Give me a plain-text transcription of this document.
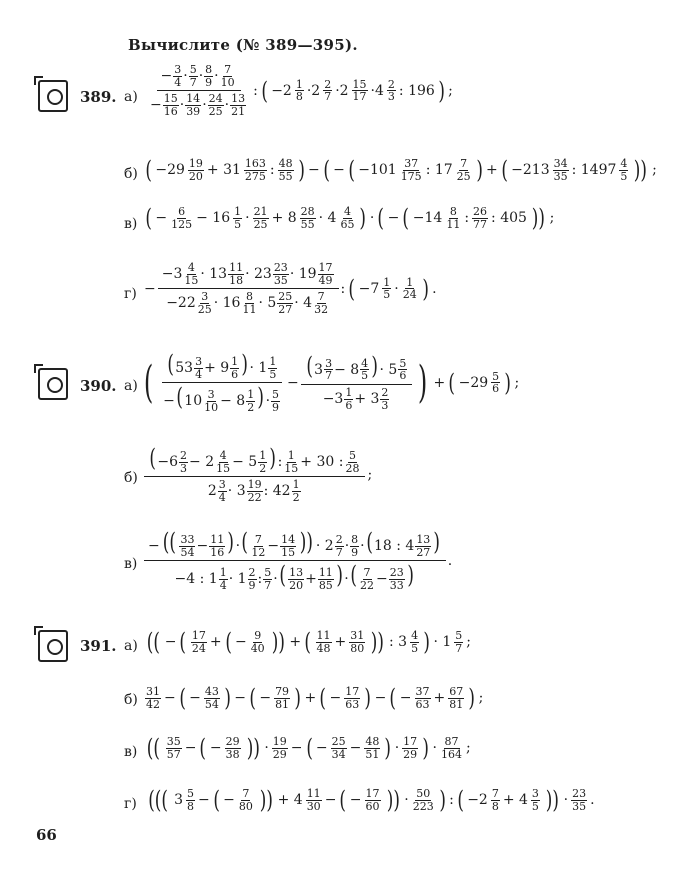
Вычислите (№ 389—395).
389. а)
− $\frac{3}{4} \cdot \frac{5}{7} \cdot \frac{8}{9} \cdot \frac{7}{10}$
− $\frac{15}{16} \cdot \frac{14}{39} \cdot \frac{24}{25} \cdot \frac{13}{21}$
: ( −2 1
8 ·2 2
7 ·2 15
17 ·4 2
3 : 196 ) ;
б) ( −29 19
20 + 31 163
275 : 48
55 ) − ( − ( −101 37
175 : 17 7
25 ) + ( −213 34
35 : 1497 4
5 )) ;
в) ( − 6
125 − 16 1
5 · 21
25 + 8 28
55 · 4 4
65 ) · ( − ( −14 8
11 : 26
77 : 405 )) ;
г) −
$-3 \frac{4}{15} \cdot 13 \frac{11}{18} \cdot 23 \frac{23}{35} \cdot 19 \frac{17}{49}$
$-22 \frac{3}{25} \cdot 16 \frac{8}{11} \cdot 5 \frac{25}{27} \cdot 4 \frac{7}{32}$
: ( −7 1
5 · 1
24 ) .
390. а) ( ($53 \frac{3}{4} + 9 \frac{1}{6}$ )· $1 \frac{1}{5}$
$-(10 \frac{3}{10} - 8 \frac{1}{2}$ )· $\frac{5}{9}$
−
($3 \frac{3}{7} - 8 \frac{4}{5}$ )· $5 \frac{5}{6}$
$-3 \frac{1}{6} + 3 \frac{2}{3}$ ) + ( −29 5
6 ) ;
б)
($-6 \frac{2}{3} - 2 \frac{4}{15} - 5 \frac{1}{2}$ ): $\frac{1}{15} + 30$ : $\frac{5}{28}$
$2 \frac{3}{4} \cdot 3 \frac{19}{22}$ : $42 \frac{1}{2}$
;
в)
− (( $\frac{33}{54} - \frac{11}{16}$ )·( $\frac{7}{12} - \frac{14}{15}$ )) · $2 \frac{2}{7} \cdot \frac{8}{9} \cdot(18$ : $4 \frac{13}{27}$ )
−4 : $1 \frac{1}{4} \cdot 1 \frac{2}{9}$ : $\frac{5}{7}$ ·( $\frac{13}{20} + \frac{11}{85}$ )·( $\frac{7}{22} - \frac{23}{33}$ )
.
391. а) (( − ( 17
24 + ( − 9
40 )) + ( 11
48 + 31
80 )) : 3 4
5 ) · 1 5
7 ;
б)
31
42 − ( − 43
54 ) − ( − 79
81 ) + ( − 17
63 ) − ( − 37
63 + 67
81 ) ;
в) (( 35
57 − ( − 29
38 )) · 19
29 − ( − 25
34 − 48
51 ) · 17
29 ) · 87
164 ;
г) ((( 3 5
8 − ( − 7
80 )) + 4 11
30 − ( − 17
60 )) · 50
223 ) : ( −2 7
8 + 4 3
5 )) · 23
35 .
66
